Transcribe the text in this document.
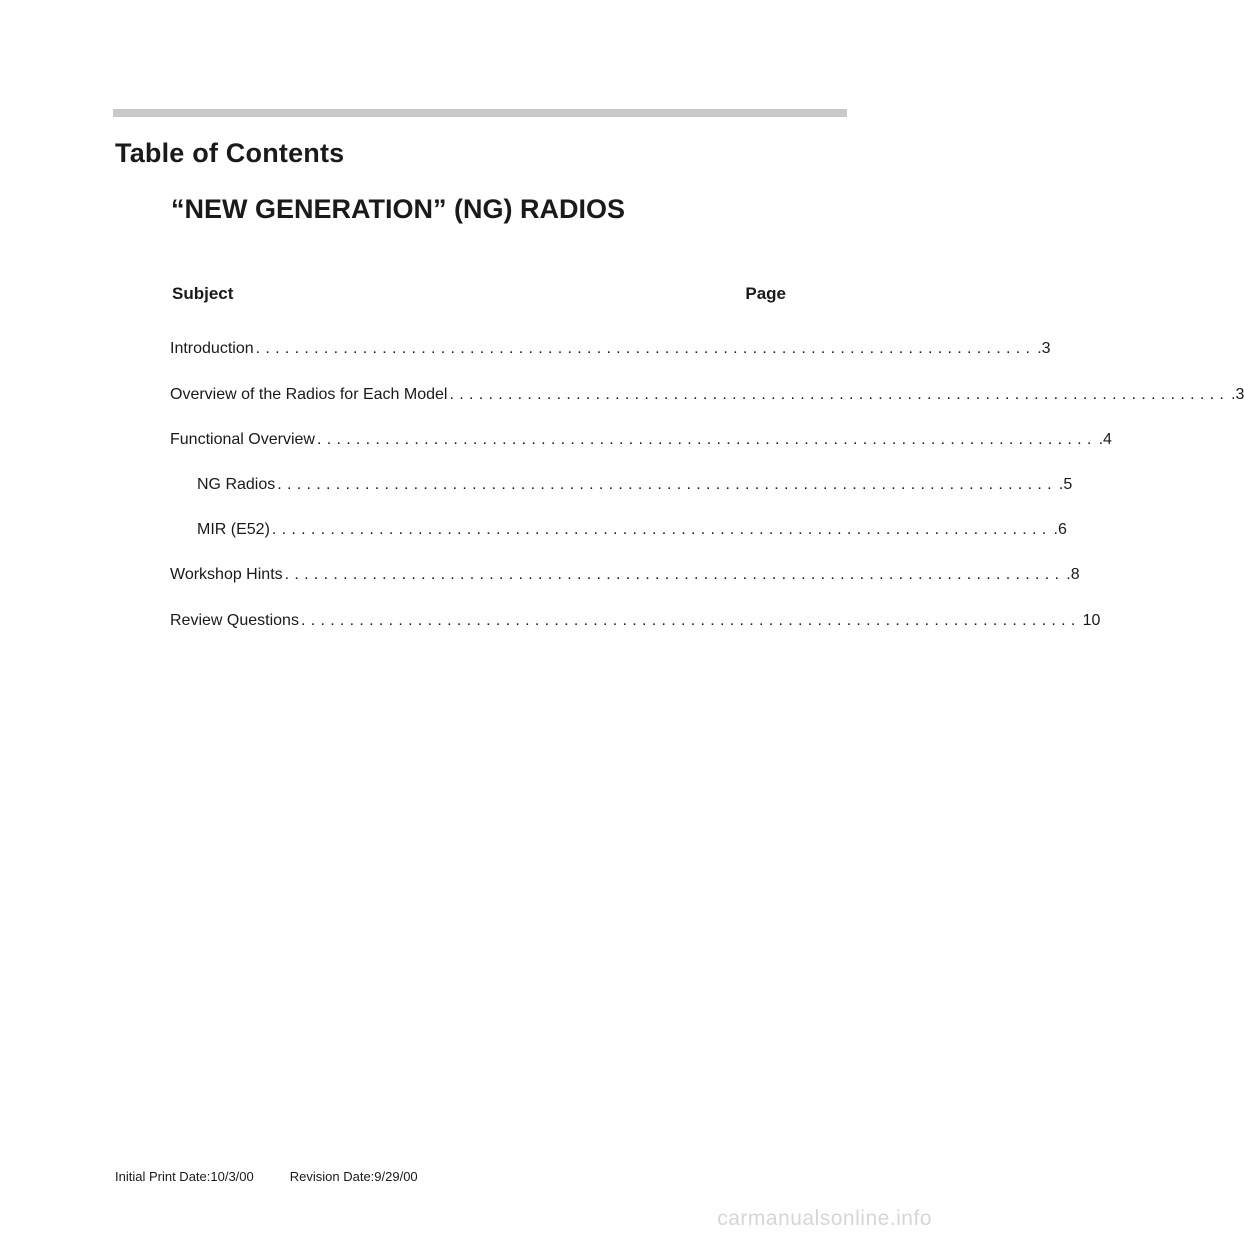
Table of Contents
“NEW GENERATION” (NG) RADIOS
Subject	Page
Introduction ................................................................................ .3
Overview of the Radios for Each Model ................................................................................ .3
Functional Overview ................................................................................ .4
NG Radios ................................................................................ .5
MIR (E52) ................................................................................ .6
Workshop Hints ................................................................................ .8
Review Questions ................................................................................ 10
Initial Print Date:10/3/00	Revision Date:9/29/00
carmanualsonline.info
